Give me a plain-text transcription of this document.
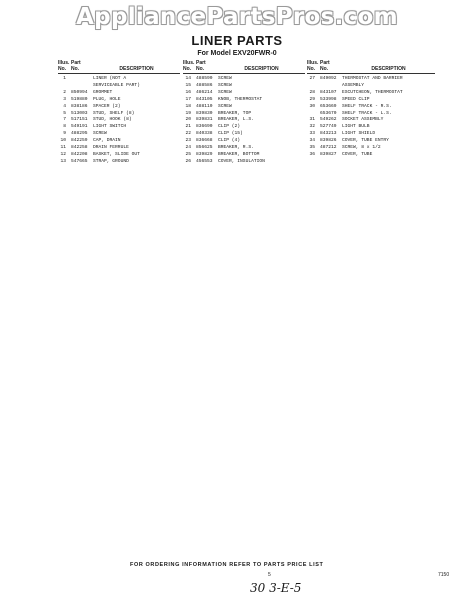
AppliancePartsPros.com
LINER PARTS
For Model EXV20FWR-0
Illus. Part
No. No.	DESCRIPTION
1	LINER (NOT A
SERVICEABLE PART)
2 850994	GROMMET
3 519880	PLUG, HOLE
4 838186	SPACER (2)
5 513003	STUD, SHELF (8)
7 517151	STUD, HOOK (8)
8 549191	LIGHT SWITCH
9 488295	SCREW
10 842259	CAP, DRAIN
11 842258	DRAIN FERRULE
12 842208	BASKET, SLIDE OUT
13 547665	STRAP, GROUND
Illus. Part
No. No.	DESCRIPTION
14 488590	SCREW
15 488586	SCREW
16 486214	SCREW
17 843105	KNOB, THERMOSTAT
18 488110	SCREW
19 839830	BREAKER, TOP
20 839831	BREAKER, L.S.
21 836690	CLIP (2)
22 840338	CLIP (15)
23 836668	CLIP (4)
24 856625	BREAKER, R.S.
25 839829	BREAKER, BOTTOM
26 456553	COVER, INSULATION
Illus. Part
No. No.	DESCRIPTION
27 849092	THERMOSTAT AND BARRIER
ASSEMBLY
28 843107	ESCUTCHEON, THERMOSTAT
29 533998	SPEED CLIP
30 653669	SHELF TRACK - R.S.
653670	SHELF TRACK - L.S.
31 549262	SOCKET ASSEMBLY
32 527749	LIGHT BULB
33 843213	LIGHT SHIELD
34 839826	COVER, TUBE ENTRY
35 487212	SCREW, 8 x 1/2
36 839827	COVER, TUBE
FOR ORDERING INFORMATION REFER TO PARTS PRICE LIST
5	7150
30 3-E-5
